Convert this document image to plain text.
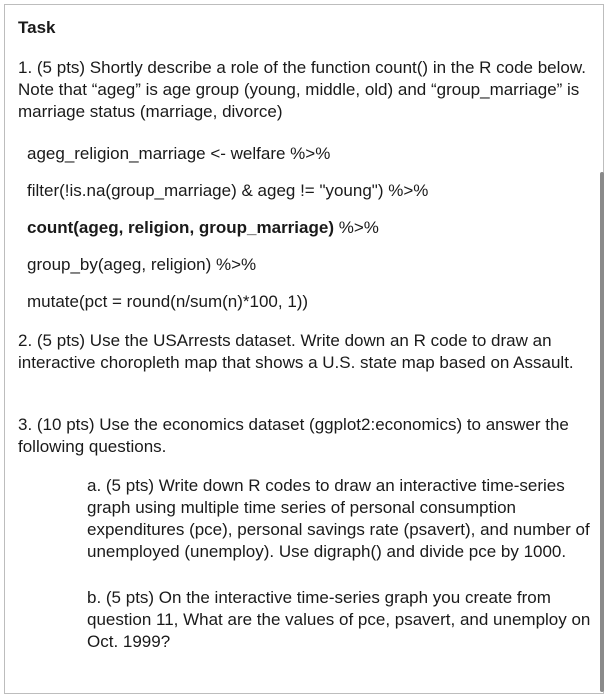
Task

1. (5 pts) Shortly describe a role of the function count() in the R code below. Note that “ageg” is age group (young, middle, old) and “group_marriage” is marriage status (marriage, divorce)

ageg_religion_marriage <- welfare %>%
filter(!is.na(group_marriage) & ageg != "young") %>%
count(ageg, religion, group_marriage) %>%
group_by(ageg, religion) %>%
mutate(pct = round(n/sum(n)*100, 1))

2. (5 pts) Use the USArrests dataset. Write down an R code to draw an interactive choropleth map that shows a U.S. state map based on Assault.

3. (10 pts) Use the economics dataset (ggplot2:economics) to answer the following questions.

a. (5 pts) Write down R codes to draw an interactive time-series graph using multiple time series of personal consumption expenditures (pce), personal savings rate (psavert), and number of unemployed (unemploy). Use digraph() and divide pce by 1000.

b. (5 pts) On the interactive time-series graph you create from question 11, What are the values of pce, psavert, and unemploy on Oct. 1999?
